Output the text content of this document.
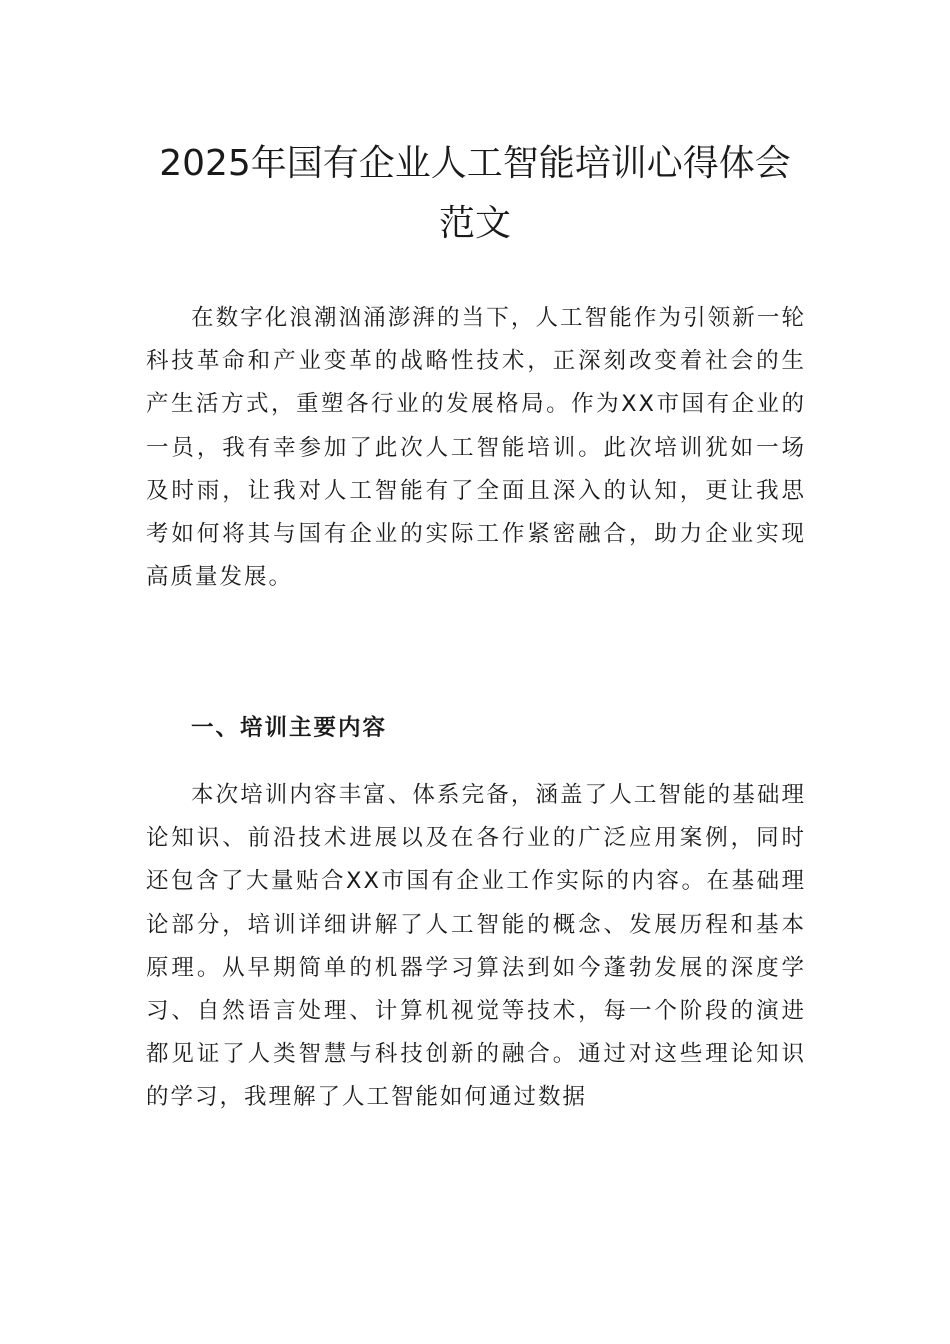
2025年国有企业人工智能培训心得体会范文

在数字化浪潮汹涌澎湃的当下，人工智能作为引领新一轮科技革命和产业变革的战略性技术，正深刻改变着社会的生产生活方式，重塑各行业的发展格局。作为XX市国有企业的一员，我有幸参加了此次人工智能培训。此次培训犹如一场及时雨，让我对人工智能有了全面且深入的认知，更让我思考如何将其与国有企业的实际工作紧密融合，助力企业实现高质量发展。

一、培训主要内容

本次培训内容丰富、体系完备，涵盖了人工智能的基础理论知识、前沿技术进展以及在各行业的广泛应用案例，同时还包含了大量贴合XX市国有企业工作实际的内容。在基础理论部分，培训详细讲解了人工智能的概念、发展历程和基本原理。从早期简单的机器学习算法到如今蓬勃发展的深度学习、自然语言处理、计算机视觉等技术，每一个阶段的演进都见证了人类智慧与科技创新的融合。通过对这些理论知识的学习，我理解了人工智能如何通过数据
